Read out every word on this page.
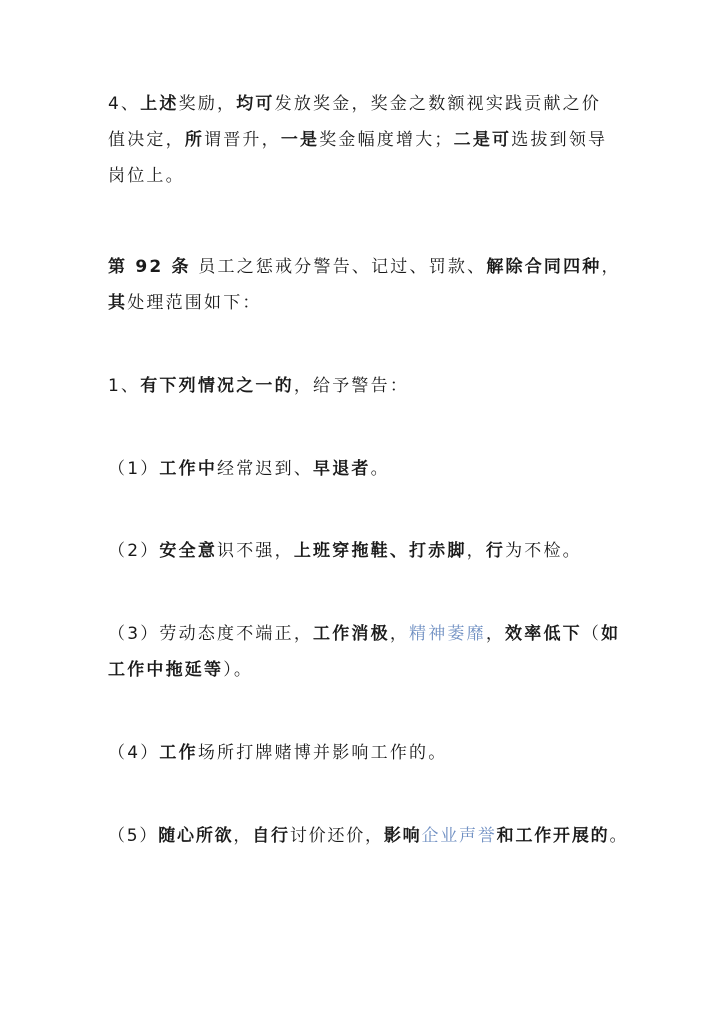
4、上述奖励，均可发放奖金，奖金之数额视实践贡献之价
值决定，所谓晋升，一是奖金幅度增大；二是可选拔到领导
岗位上。
第 92 条 员工之惩戒分警告、记过、罚款、解除合同四种，
其处理范围如下：
1、有下列情况之一的，给予警告：
（1）工作中经常迟到、早退者。
（2）安全意识不强，上班穿拖鞋、打赤脚，行为不检。
（3）劳动态度不端正，工作消极，精神萎靡，效率低下（如
工作中拖延等）。
（4）工作场所打牌赌博并影响工作的。
（5）随心所欲，自行讨价还价，影响企业声誉和工作开展的。
